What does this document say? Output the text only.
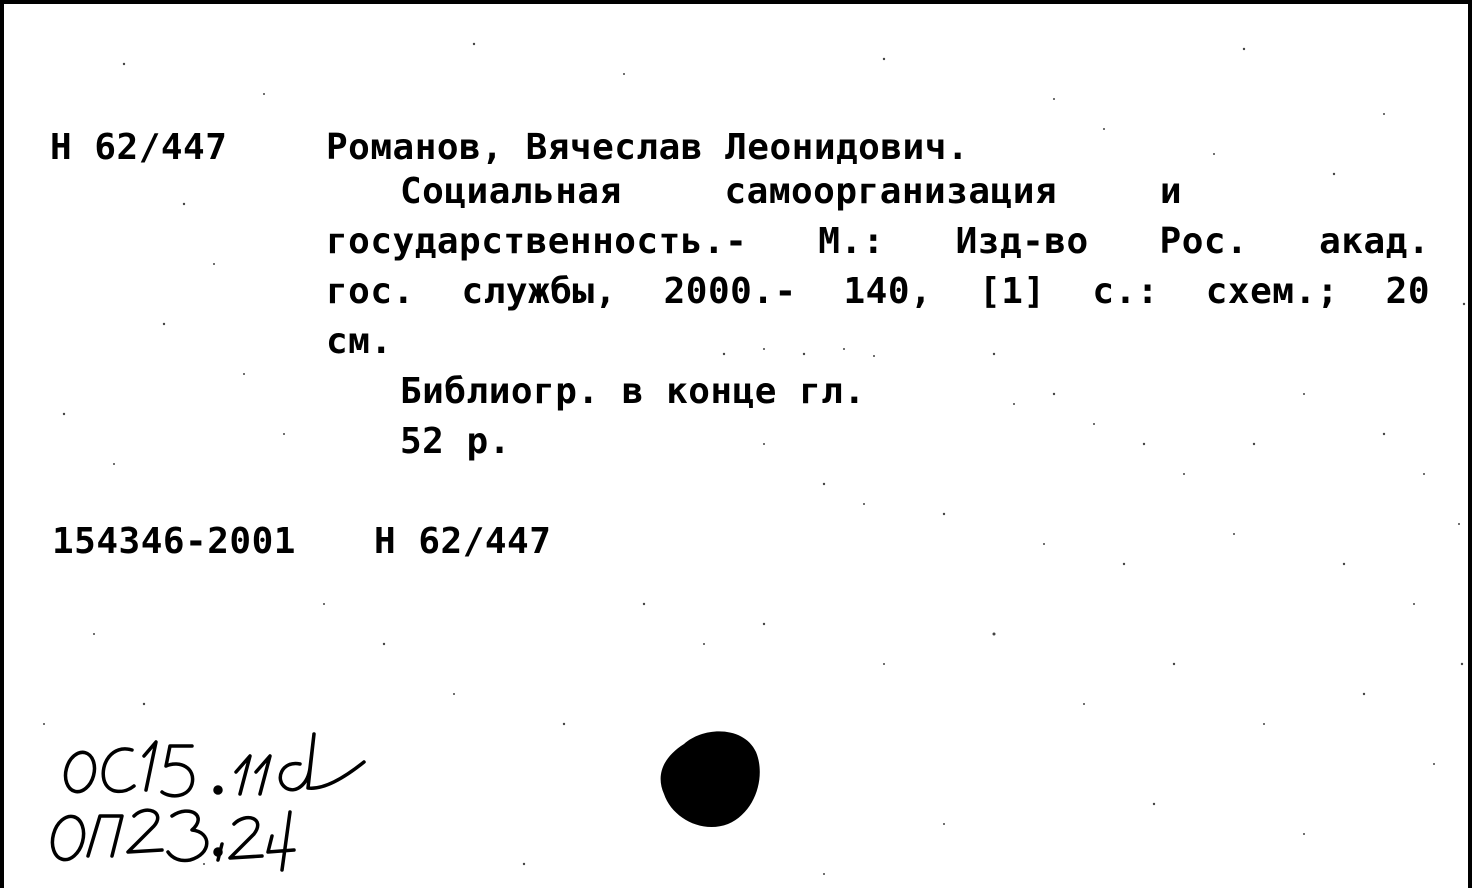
Н 62/447	Романов, Вячеслав Леонидович.
Социальная самоорганизация и
государственность.- М.: Изд-во Рос. акад.
гос. службы, 2000.- 140, [1] с.: схем.; 20
см.
Библиогр. в конце гл.
52 р.
154346-2001 Н 62/447
